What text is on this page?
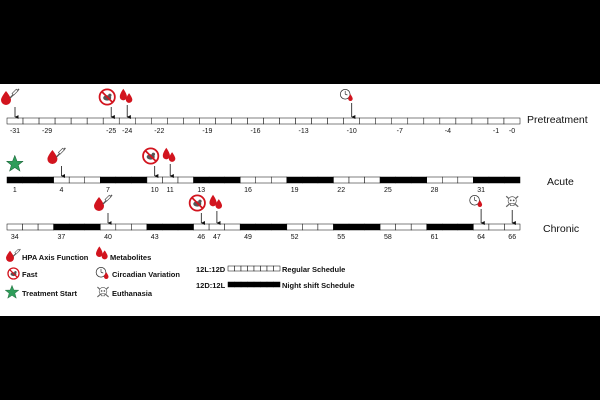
-31	-29	-25 -24	-22	-19	-16	-13	-10	-7	-4	-1 -0
1	4	7	10 11	13	16	19	22	25	28	31
34	37	40	43	46 47	49	52	55	58	61	64	66
Pretreatment
Acute
Chronic
HPA Axis Function	Metabolites
Fast	Circadian Variation
Treatment Start	Euthanasia
12L:12D	Regular Schedule
12D:12L	Night shift Schedule
